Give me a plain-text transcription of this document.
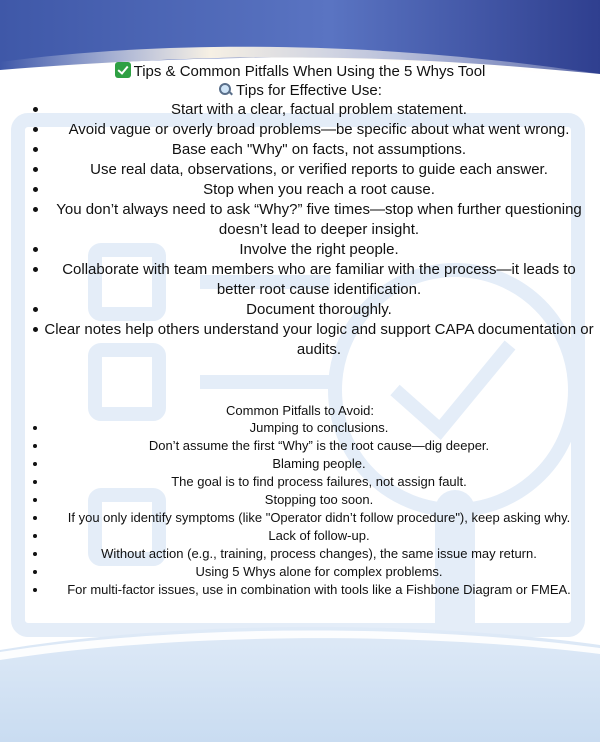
Tips & Common Pitfalls When Using the 5 Whys Tool
Tips for Effective Use:
Start with a clear, factual problem statement.
Avoid vague or overly broad problems—be specific about what went wrong.
Base each "Why" on facts, not assumptions.
Use real data, observations, or verified reports to guide each answer.
Stop when you reach a root cause.
You don’t always need to ask “Why?” five times—stop when further questioning doesn’t lead to deeper insight.
Involve the right people.
Collaborate with team members who are familiar with the process—it leads to better root cause identification.
Document thoroughly.
Clear notes help others understand your logic and support CAPA documentation or audits.
Common Pitfalls to Avoid:
Jumping to conclusions.
Don’t assume the first “Why” is the root cause—dig deeper.
Blaming people.
The goal is to find process failures, not assign fault.
Stopping too soon.
If you only identify symptoms (like "Operator didn’t follow procedure"), keep asking why.
Lack of follow-up.
Without action (e.g., training, process changes), the same issue may return.
Using 5 Whys alone for complex problems.
For multi-factor issues, use in combination with tools like a Fishbone Diagram or FMEA.
